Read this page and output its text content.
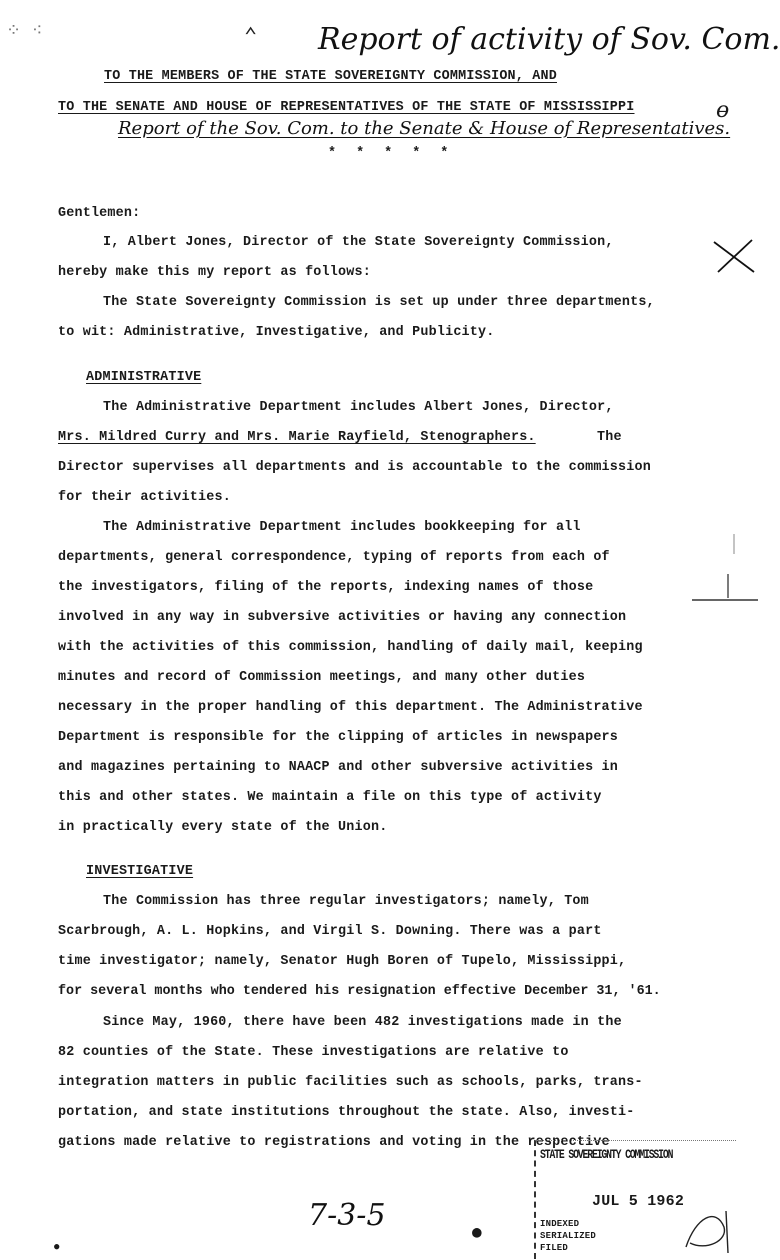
Report of activity of Sov. Com.
⁘ ⁖	⌃
TO THE MEMBERS OF THE STATE SOVEREIGNTY COMMISSION, AND
TO THE SENATE AND HOUSE OF REPRESENTATIVES OF THE STATE OF MISSISSIPPI	ɵ
Report of the Sov. Com. to the Senate & House of Representatives.
* * * * *
Gentlemen:
I, Albert Jones, Director of the State Sovereignty Commission,
hereby make this my report as follows:
The State Sovereignty Commission is set up under three departments,
to wit: Administrative, Investigative, and Publicity.
ADMINISTRATIVE
The Administrative Department includes Albert Jones, Director,
Mrs. Mildred Curry and Mrs. Marie Rayfield, Stenographers.	The
Director supervises all departments and is accountable to the commission
for their activities.
The Administrative Department includes bookkeeping for all
departments, general correspondence, typing of reports from each of
the investigators, filing of the reports, indexing names of those
involved in any way in subversive activities or having any connection
with the activities of this commission, handling of daily mail, keeping
minutes and record of Commission meetings, and many other duties
necessary in the proper handling of this department. The Administrative
Department is responsible for the clipping of articles in newspapers
and magazines pertaining to NAACP and other subversive activities in
this and other states. We maintain a file on this type of activity
in practically every state of the Union.
INVESTIGATIVE
The Commission has three regular investigators; namely, Tom
Scarbrough, A. L. Hopkins, and Virgil S. Downing. There was a part
time investigator; namely, Senator Hugh Boren of Tupelo, Mississippi,
for several months who tendered his resignation effective December 31, '61.
Since May, 1960, there have been 482 investigations made in the
82 counties of the State. These investigations are relative to
integration matters in public facilities such as schools, parks, trans-
portation, and state institutions throughout the state. Also, investi-
gations made relative to registrations and voting in the respective
7-3-5	●
●
STATE SOVEREIGNTY COMMISSION
JUL 5 1962
INDEXED
SERIALIZED
FILED
